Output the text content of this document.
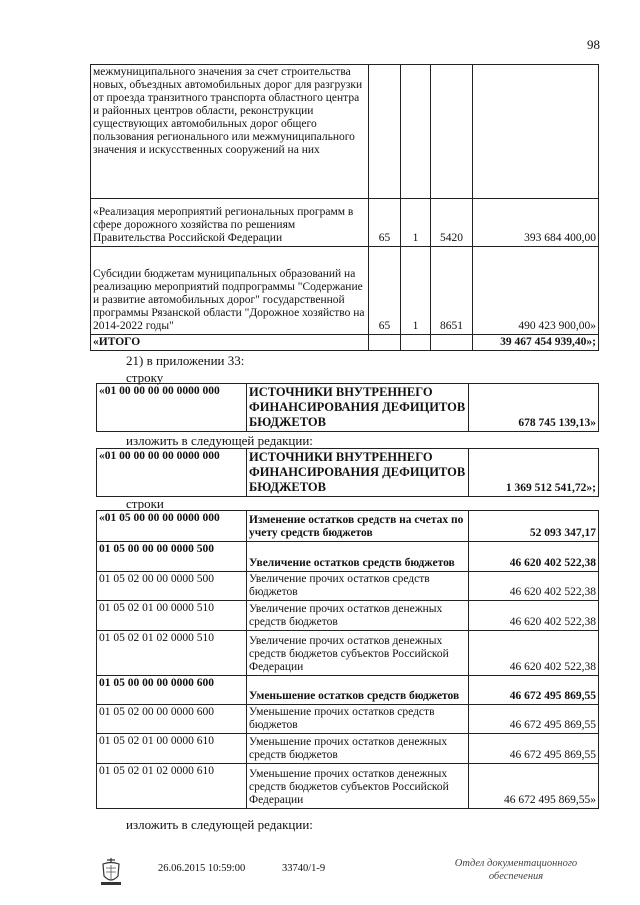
98
межмуниципального значения за счет строительства новых, объездных автомобильных дорог для разгрузки от проезда транзитного транспорта областного центра и районных центров области, реконструкции существующих автомобильных дорог общего пользования регионального или межмуниципального значения и искусственных сооружений на них				
«Реализация мероприятий региональных программ в сфере дорожного хозяйства по решениям Правительства Российской Федерации	65	1	5420	393 684 400,00
Субсидии бюджетам муниципальных образований на реализацию мероприятий подпрограммы "Содержание и развитие автомобильных дорог" государственной программы Рязанской области "Дорожное хозяйство на 2014-2022 годы"	65	1	8651	490 423 900,00»
«ИТОГО				39 467 454 939,40»;
21) в приложении 33:
строку
«01 00 00 00 00 0000 000	ИСТОЧНИКИ ВНУТРЕННЕГО ФИНАНСИРОВАНИЯ ДЕФИЦИТОВ БЮДЖЕТОВ	678 745 139,13»
изложить в следующей редакции:
«01 00 00 00 00 0000 000	ИСТОЧНИКИ ВНУТРЕННЕГО ФИНАНСИРОВАНИЯ ДЕФИЦИТОВ БЮДЖЕТОВ	1 369 512 541,72»;
строки
«01 05 00 00 00 0000 000	Изменение остатков средств на счетах по учету средств бюджетов	52 093 347,17
01 05 00 00 00 0000 500	Увеличение остатков средств бюджетов	46 620 402 522,38
01 05 02 00 00 0000 500	Увеличение прочих остатков средств бюджетов	46 620 402 522,38
01 05 02 01 00 0000 510	Увеличение прочих остатков денежных средств бюджетов	46 620 402 522,38
01 05 02 01 02 0000 510	Увеличение прочих остатков денежных средств бюджетов субъектов Российской Федерации	46 620 402 522,38
01 05 00 00 00 0000 600	Уменьшение остатков средств бюджетов	46 672 495 869,55
01 05 02 00 00 0000 600	Уменьшение прочих остатков средств бюджетов	46 672 495 869,55
01 05 02 01 00 0000 610	Уменьшение прочих остатков денежных средств бюджетов	46 672 495 869,55
01 05 02 01 02 0000 610	Уменьшение прочих остатков денежных средств бюджетов субъектов Российской Федерации	46 672 495 869,55»
изложить в следующей редакции:
26.06.2015 10:59:00	33740/1-9	Отдел документационного
обеспечения
